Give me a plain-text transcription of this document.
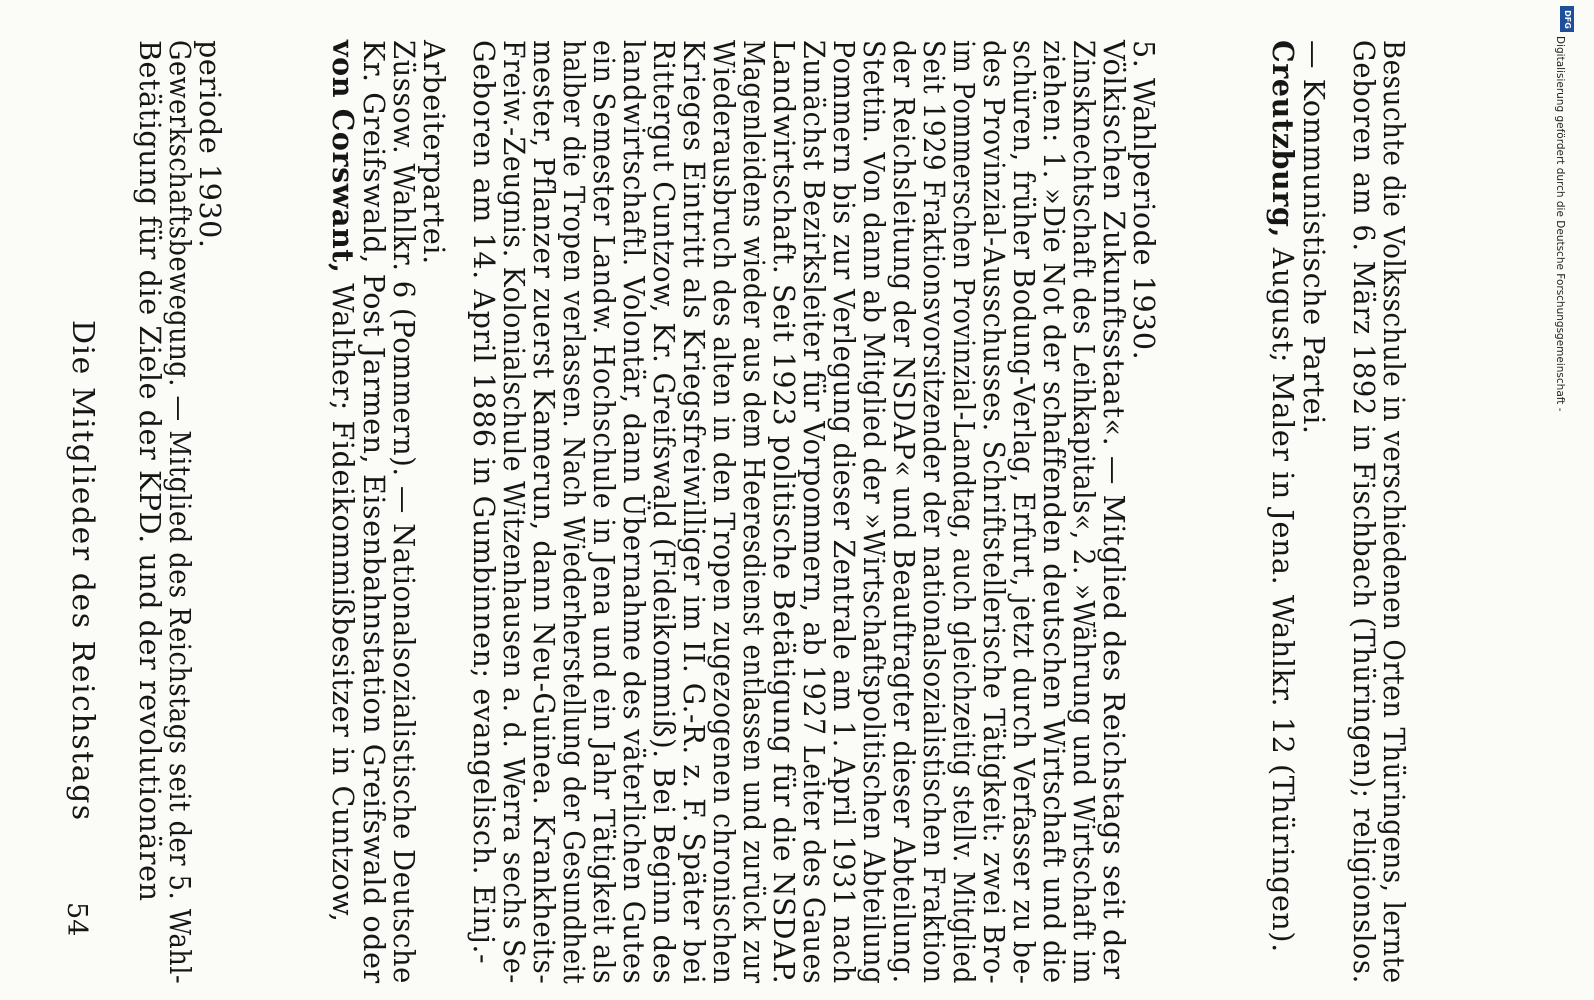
54
Die Mitglieder des Reichstags Betätigung für die Ziele der KPD. und der revolutionären
Gewerkschaftsbewegung. — Mitglied des Reichstags seit der 5. Wahl-
periode 1930.	von Corswant, Walther; Fideikommißbesitzer in Cuntzow,
Kr. Greifswald, Post Jarmen, Eisenbahnstation Greifswald oder
Züssow. Wahlkr. 6 (Pommern). — Nationalsozialistische Deutsche
Arbeiterpartei. Geboren am 14. April 1886 in Gumbinnen; evangelisch. Einj.-
Freiw.-Zeugnis. Kolonialschule Witzenhausen a. d. Werra sechs Se-
mester, Pflanzer zuerst Kamerun, dann Neu-Guinea. Krankheits-
halber die Tropen verlassen. Nach Wiederherstellung der Gesundheit
ein Semester Landw. Hochschule in Jena und ein Jahr Tätigkeit als
landwirtschaftl. Volontär, dann Übernahme des väterlichen Gutes
Rittergut Cuntzow, Kr. Greifswald (Fideikommiß). Bei Beginn des
Krieges Eintritt als Kriegsfreiwilliger im II. G.-R. z. F. Später bei
Wiederausbruch des alten in den Tropen zugezogenen chronischen
Magenleidens wieder aus dem Heeresdienst entlassen und zurück zur
Landwirtschaft. Seit 1923 politische Betätigung für die NSDAP.
Zunächst Bezirksleiter für Vorpommern, ab 1927 Leiter des Gaues
Pommern bis zur Verlegung dieser Zentrale am 1. April 1931 nach
Stettin. Von dann ab Mitglied der »Wirtschaftspolitischen Abteilung
der Reichsleitung der NSDAP« und Beauftragter dieser Abteilung.
Seit 1929 Fraktionsvorsitzender der nationalsozialistischen Fraktion
im Pommerschen Provinzial-Landtag, auch gleichzeitig stellv. Mitglied
des Provinzial-Ausschusses. Schriftstellerische Tätigkeit: zwei Bro-
schüren, früher Bodung-Verlag, Erfurt, jetzt durch Verfasser zu be-
ziehen: 1. »Die Not der schaffenden deutschen Wirtschaft und die
Zinsknechtschaft des Leihkapitals«, 2. »Währung und Wirtschaft im
Völkischen Zukunftsstaat«. — Mitglied des Reichstags seit der
5. Wahlperiode 1930.	Creutzburg, August; Maler in Jena. Wahlkr. 12 (Thüringen).
— Kommunistische Partei. Geboren am 6. März 1892 in Fischbach (Thüringen); religionslos.
Besuchte die Volksschule in verschiedenen Orten Thüringens, lernte	Digitalisierung gefördert durch die Deutsche Forschungsgemeinschaft -
DFG
